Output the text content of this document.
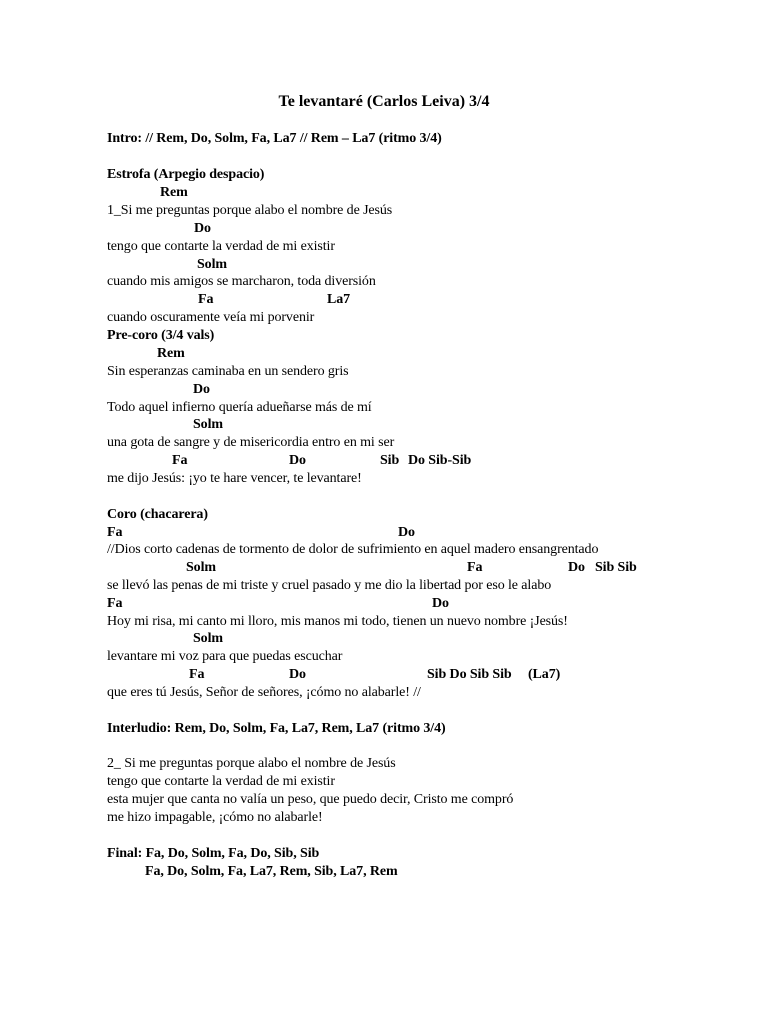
Te levantaré (Carlos Leiva) 3/4
Intro: // Rem, Do, Solm, Fa, La7 // Rem – La7 (ritmo 3/4)
Estrofa (Arpegio despacio)
Rem
1_Si me preguntas porque alabo el nombre de Jesús
Do
tengo que contarte la verdad de mi existir
Solm
cuando mis amigos se marcharon, toda diversión
Fa	La7
cuando oscuramente veía mi porvenir
Pre-coro (3/4 vals)
Rem
Sin esperanzas caminaba en un sendero gris
Do
Todo aquel infierno quería adueñarse más de mí
Solm
una gota de sangre y de misericordia entro en mi ser
Fa	Do	Sib Do Sib-Sib
me dijo Jesús: ¡yo te hare vencer, te levantare!
Coro (chacarera)
Fa	Do
//Dios corto cadenas de tormento de dolor de sufrimiento en aquel madero ensangrentado
Solm	Fa	Do Sib Sib
se llevó las penas de mi triste y cruel pasado y me dio la libertad por eso le alabo
Fa	Do
Hoy mi risa, mi canto mi lloro, mis manos mi todo, tienen un nuevo nombre ¡Jesús!
Solm
levantare mi voz para que puedas escuchar
Fa	Do	Sib Do Sib Sib (La7)
que eres tú Jesús, Señor de señores, ¡cómo no alabarle! //
Interludio: Rem, Do, Solm, Fa, La7, Rem, La7 (ritmo 3/4)
2_ Si me preguntas porque alabo el nombre de Jesús
tengo que contarte la verdad de mi existir
esta mujer que canta no valía un peso, que puedo decir, Cristo me compró
me hizo impagable, ¡cómo no alabarle!
Final: Fa, Do, Solm, Fa, Do, Sib, Sib
Fa, Do, Solm, Fa, La7, Rem, Sib, La7, Rem
